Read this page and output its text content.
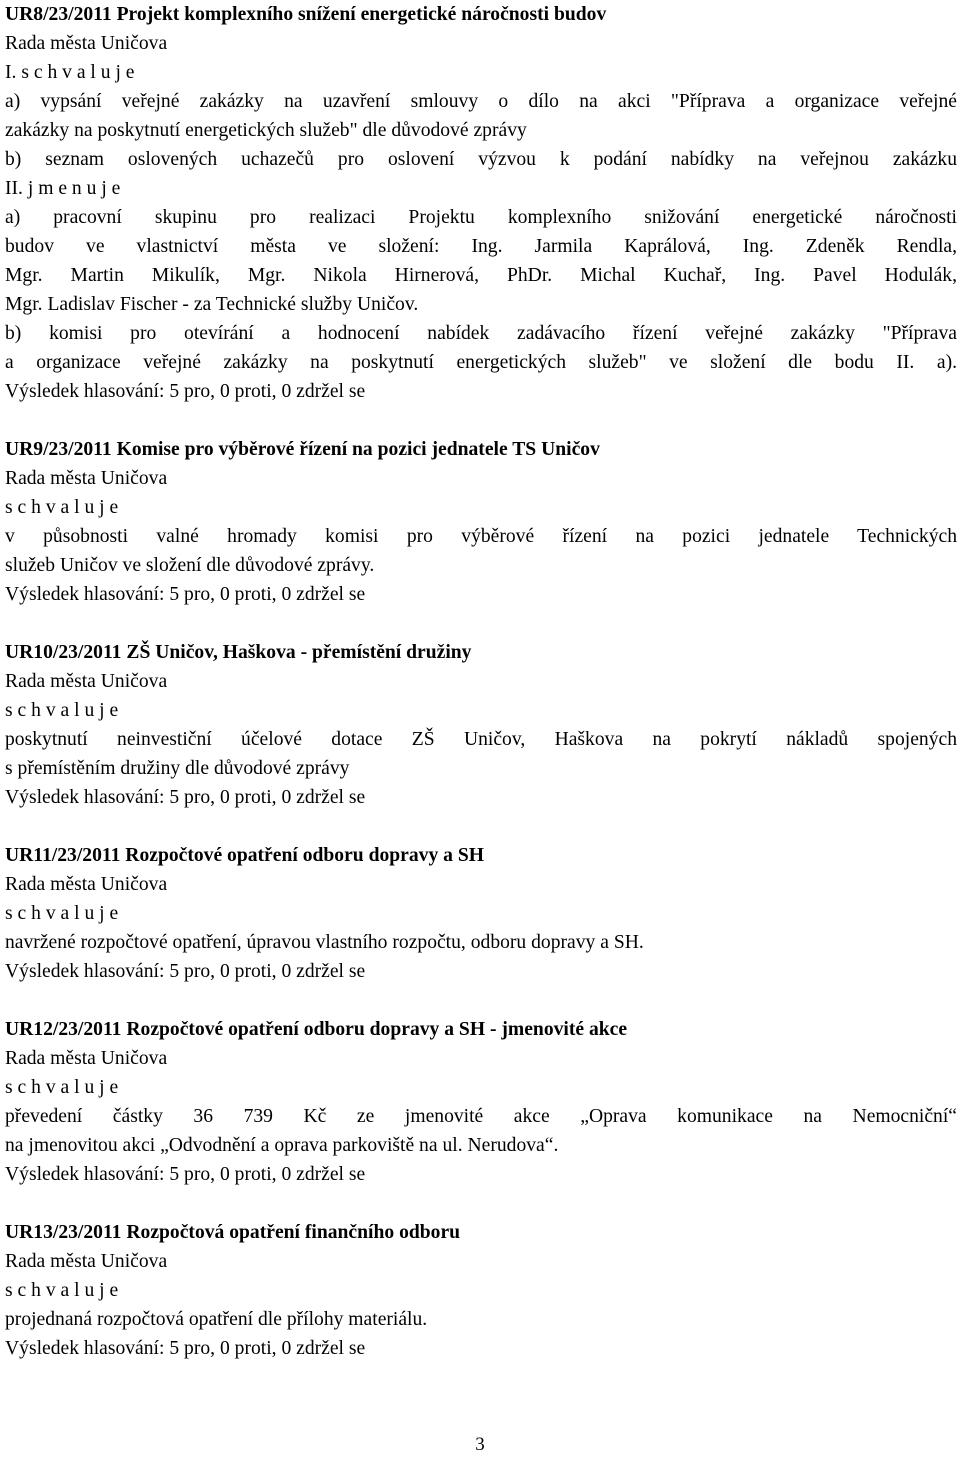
UR8/23/2011 Projekt komplexního snížení energetické náročnosti budov
Rada města Uničova
I. s c h v a l u j e
a) vypsání veřejné zakázky na uzavření smlouvy o dílo na akci "Příprava a organizace veřejné
zakázky na poskytnutí energetických služeb" dle důvodové zprávy
b) seznam oslovených uchazečů pro oslovení výzvou k podání nabídky na veřejnou zakázku
II. j m e n u j e
a) pracovní skupinu pro realizaci Projektu komplexního snižování energetické náročnosti
budov ve vlastnictví města ve složení: Ing. Jarmila Kaprálová, Ing. Zdeněk Rendla,
Mgr. Martin Mikulík, Mgr. Nikola Hirnerová, PhDr. Michal Kuchař, Ing. Pavel Hodulák,
Mgr. Ladislav Fischer - za Technické služby Uničov.
b) komisi pro otevírání a hodnocení nabídek zadávacího řízení veřejné zakázky "Příprava
a organizace veřejné zakázky na poskytnutí energetických služeb" ve složení dle bodu II. a).
Výsledek hlasování: 5 pro, 0 proti, 0 zdržel se
UR9/23/2011 Komise pro výběrové řízení na pozici jednatele TS Uničov
Rada města Uničova
s c h v a l u j e
v působnosti valné hromady komisi pro výběrové řízení na pozici jednatele Technických
služeb Uničov ve složení dle důvodové zprávy.
Výsledek hlasování: 5 pro, 0 proti, 0 zdržel se
UR10/23/2011 ZŠ Uničov, Haškova - přemístění družiny
Rada města Uničova
s c h v a l u j e
poskytnutí neinvestiční účelové dotace ZŠ Uničov, Haškova na pokrytí nákladů spojených
s přemístěním družiny dle důvodové zprávy
Výsledek hlasování: 5 pro, 0 proti, 0 zdržel se
UR11/23/2011 Rozpočtové opatření odboru dopravy a SH
Rada města Uničova
s c h v a l u j e
navržené rozpočtové opatření, úpravou vlastního rozpočtu, odboru dopravy a SH.
Výsledek hlasování: 5 pro, 0 proti, 0 zdržel se
UR12/23/2011 Rozpočtové opatření odboru dopravy a SH - jmenovité akce
Rada města Uničova
s c h v a l u j e
převedení částky 36 739 Kč ze jmenovité akce „Oprava komunikace na Nemocniční“
na jmenovitou akci „Odvodnění a oprava parkoviště na ul. Nerudova“.
Výsledek hlasování: 5 pro, 0 proti, 0 zdržel se
UR13/23/2011 Rozpočtová opatření finančního odboru
Rada města Uničova
s c h v a l u j e
projednaná rozpočtová opatření dle přílohy materiálu.
Výsledek hlasování: 5 pro, 0 proti, 0 zdržel se
3
